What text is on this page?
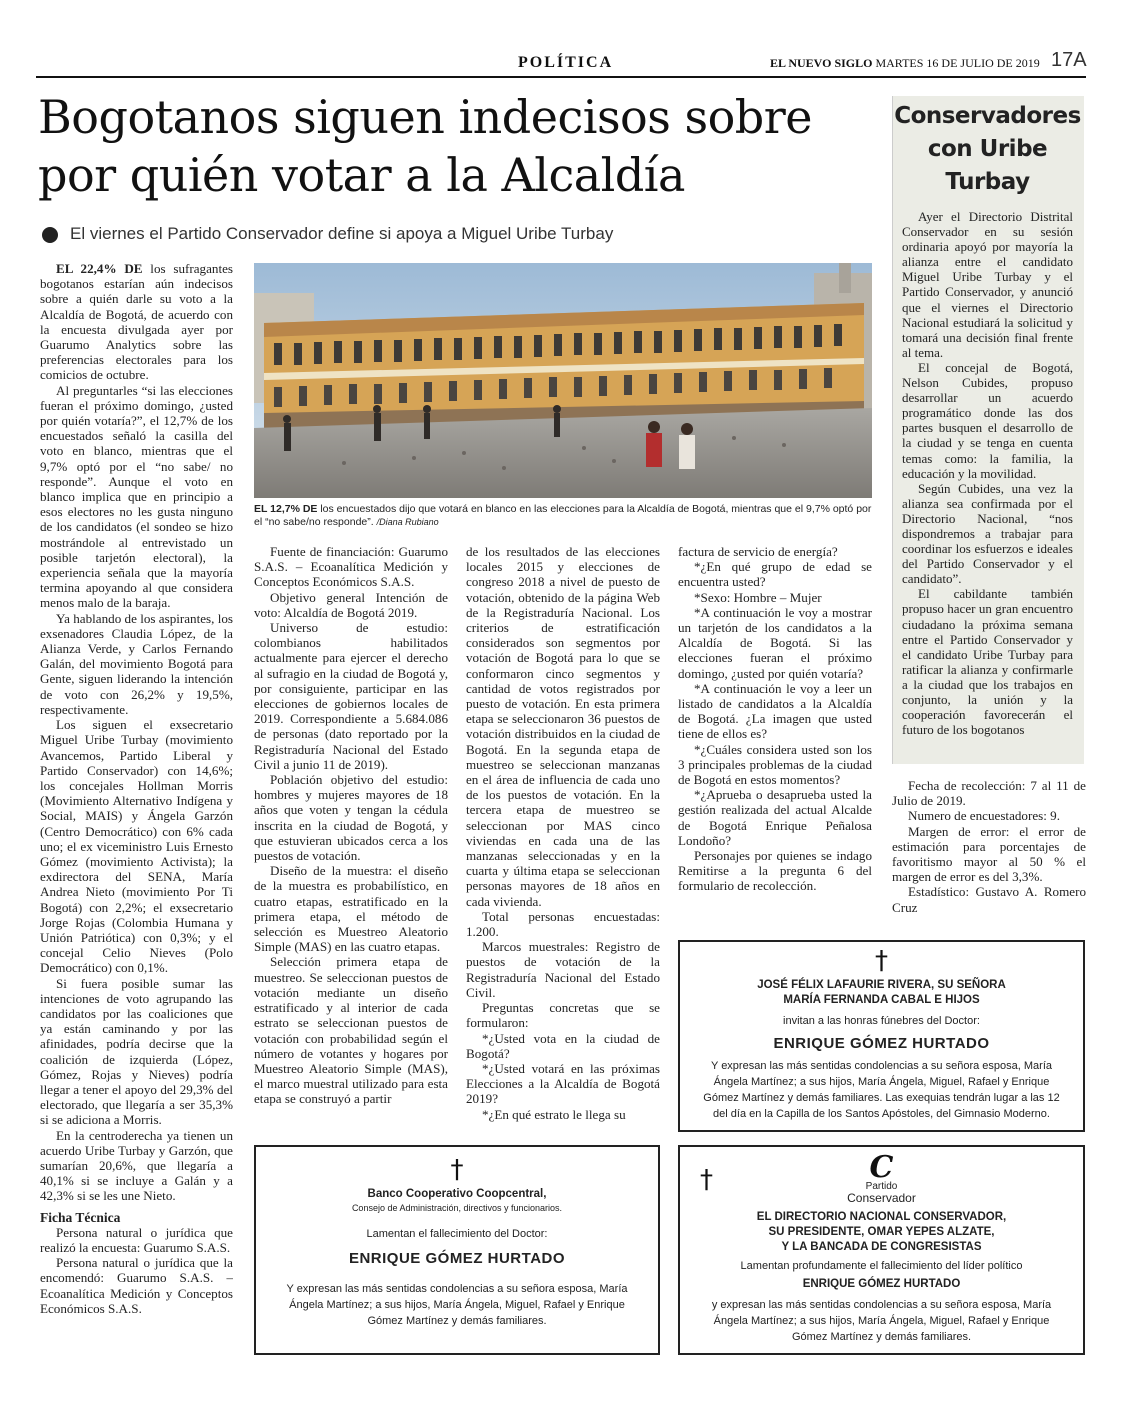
POLÍTICA	EL NUEVO SIGLO MARTES 16 DE JULIO DE 2019 17A
Bogotanos siguen indecisos sobre
por quién votar a la Alcaldía
El viernes el Partido Conservador define si apoya a Miguel Uribe Turbay

EL 22,4% DE los sufragantes bogotanos estarían aún indecisos sobre a quién darle su voto a la Alcaldía de Bogotá, de acuerdo con la encuesta divulgada ayer por Guarumo Analytics sobre las preferencias electorales para los comicios de octubre.

Al preguntarles “si las elecciones fueran el próximo domingo, ¿usted por quién votaría?”, el 12,7% de los encuestados señaló la casilla del voto en blanco, mientras que el 9,7% optó por el “no sabe/ no responde”. Aunque el voto en blanco implica que en principio a esos electores no les gusta ninguno de los candidatos (el sondeo se hizo mostrándole al entrevistado un posible tarjetón electoral), la experiencia señala que la mayoría termina apoyando al que considera menos malo de la baraja.

Ya hablando de los aspirantes, los exsenadores Claudia López, de la Alianza Verde, y Carlos Fernando Galán, del movimiento Bogotá para Gente, siguen liderando la intención de voto con 26,2% y 19,5%, respectivamente.

Los siguen el exsecretario Miguel Uribe Turbay (movimiento Avancemos, Partido Liberal y Partido Conservador) con 14,6%; los concejales Hollman Morris (Movimiento Alternativo Indígena y Social, MAIS) y Ángela Garzón (Centro Democrático) con 6% cada uno; el ex viceministro Luis Ernesto Gómez (movimiento Activista); la exdirectora del SENA, María Andrea Nieto (movimiento Por Ti Bogotá) con 2,2%; el exsecretario Jorge Rojas (Colombia Humana y Unión Patriótica) con 0,3%; y el concejal Celio Nieves (Polo Democrático) con 0,1%.

Si fuera posible sumar las intenciones de voto agrupando las candidatos por las coaliciones que ya están caminando y por las afinidades, podría decirse que la coalición de izquierda (López, Gómez, Rojas y Nieves) podría llegar a tener el apoyo del 29,3% del electorado, que llegaría a ser 35,3% si se adiciona a Morris.

En la centroderecha ya tienen un acuerdo Uribe Turbay y Garzón, que sumarían 20,6%, que llegaría a 40,1% si se incluye a Galán y a 42,3% si se les une Nieto.

Ficha Técnica

Persona natural o jurídica que realizó la encuesta: Guarumo S.A.S.

Persona natural o jurídica que la encomendó: Guarumo S.A.S. – Ecoanalítica Medición y Conceptos Económicos S.A.S.

EL 12,7% DE los encuestados dijo que votará en blanco en las elecciones para la Alcaldía de Bogotá, mientras que el 9,7% optó por el “no sabe/no responde”. /Diana Rubiano

Fuente de financiación: Guarumo S.A.S. – Ecoanalítica Medición y Conceptos Económicos S.A.S.

Objetivo general Intención de voto: Alcaldía de Bogotá 2019.

Universo de estudio: colombianos habilitados actualmente para ejercer el derecho al sufragio en la ciudad de Bogotá y, por consiguiente, participar en las elecciones de gobiernos locales de 2019. Correspondiente a 5.684.086 de personas (dato reportado por la Registraduría Nacional del Estado Civil a junio 11 de 2019).

Población objetivo del estudio: hombres y mujeres mayores de 18 años que voten y tengan la cédula inscrita en la ciudad de Bogotá, y que estuvieran ubicados cerca a los puestos de votación.

Diseño de la muestra: el diseño de la muestra es probabilístico, en cuatro etapas, estratificado en la primera etapa, el método de selección es Muestreo Aleatorio Simple (MAS) en las cuatro etapas.

Selección primera etapa de muestreo. Se seleccionan puestos de votación mediante un diseño estratificado y al interior de cada estrato se seleccionan puestos de votación con probabilidad según el número de votantes y hogares por Muestreo Aleatorio Simple (MAS), el marco muestral utilizado para esta etapa se construyó a partir

de los resultados de las elecciones locales 2015 y elecciones de congreso 2018 a nivel de puesto de votación, obtenido de la página Web de la Registraduría Nacional. Los criterios de estratificación considerados son segmentos por votación de Bogotá para lo que se conformaron cinco segmentos y cantidad de votos registrados por puesto de votación. En esta primera etapa se seleccionaron 36 puestos de votación distribuidos en la ciudad de Bogotá. En la segunda etapa de muestreo se seleccionan manzanas en el área de influencia de cada uno de los puestos de votación. En la tercera etapa de muestreo se seleccionan por MAS cinco viviendas en cada una de las manzanas seleccionadas y en la cuarta y última etapa se seleccionan personas mayores de 18 años en cada vivienda.

Total personas encuestadas: 1.200.

Marcos muestrales: Registro de puestos de votación de la Registraduría Nacional del Estado Civil.

Preguntas concretas que se formularon:

*¿Usted vota en la ciudad de Bogotá?

*¿Usted votará en las próximas Elecciones a la Alcaldía de Bogotá 2019?

*¿En qué estrato le llega su

factura de servicio de energía?

*¿En qué grupo de edad se encuentra usted?

*Sexo: Hombre – Mujer

*A continuación le voy a mostrar un tarjetón de los candidatos a la Alcaldía de Bogotá. Si las elecciones fueran el próximo domingo, ¿usted por quién votaría?

*A continuación le voy a leer un listado de candidatos a la Alcaldía de Bogotá. ¿La imagen que usted tiene de ellos es?

*¿Cuáles considera usted son los 3 principales problemas de la ciudad de Bogotá en estos momentos?

*¿Aprueba o desaprueba usted la gestión realizada del actual Alcalde de Bogotá Enrique Peñalosa Londoño?

Personajes por quienes se indago Remitirse a la pregunta 6 del formulario de recolección.

Conservadores
con Uribe
Turbay

Ayer el Directorio Distrital Conservador en su sesión ordinaria apoyó por mayoría la alianza entre el candidato Miguel Uribe Turbay y el Partido Conservador, y anunció que el viernes el Directorio Nacional estudiará la solicitud y tomará una decisión final frente al tema.

El concejal de Bogotá, Nelson Cubides, propuso desarrollar un acuerdo programático donde las dos partes busquen el desarrollo de la ciudad y se tenga en cuenta temas como: la familia, la educación y la movilidad.

Según Cubides, una vez la alianza sea confirmada por el Directorio Nacional, “nos dispondremos a trabajar para coordinar los esfuerzos e ideales del Partido Conservador y el candidato”.

El cabildante también propuso hacer un gran encuentro ciudadano la próxima semana entre el Partido Conservador y el candidato Uribe Turbay para ratificar la alianza y confirmarle a la ciudad que los trabajos en conjunto, la unión y la cooperación favorecerán el futuro de los bogotanos

Fecha de recolección: 7 al 11 de Julio de 2019.

Numero de encuestadores: 9.

Margen de error: el error de estimación para porcentajes de favoritismo mayor al 50 % el margen de error es del 3,3%.

Estadístico: Gustavo A. Romero Cruz

†
JOSÉ FÉLIX LAFAURIE RIVERA, SU SEÑORA
MARÍA FERNANDA CABAL E HIJOS
invitan a las honras fúnebres del Doctor:
ENRIQUE GÓMEZ HURTADO
Y expresan las más sentidas condolencias a su señora esposa, María Ángela Martínez; a sus hijos, María Ángela, Miguel, Rafael y Enrique Gómez Martínez y demás familiares. Las exequias tendrán lugar a las 12 del día en la Capilla de los Santos Apóstoles, del Gimnasio Moderno.
†
Banco Cooperativo Coopcentral,
Consejo de Administración, directivos y funcionarios.
Lamentan el fallecimiento del Doctor:
ENRIQUE GÓMEZ HURTADO
Y expresan las más sentidas condolencias a su señora esposa, María Ángela Martínez; a sus hijos, María Ángela, Miguel, Rafael y Enrique Gómez Martínez y demás familiares.
†	C
Partido
Conservador
EL DIRECTORIO NACIONAL CONSERVADOR,
SU PRESIDENTE, OMAR YEPES ALZATE,
Y LA BANCADA DE CONGRESISTAS
Lamentan profundamente el fallecimiento del líder político
ENRIQUE GÓMEZ HURTADO
y expresan las más sentidas condolencias a su señora esposa, María Ángela Martínez; a sus hijos, María Ángela, Miguel, Rafael y Enrique Gómez Martínez y demás familiares.
